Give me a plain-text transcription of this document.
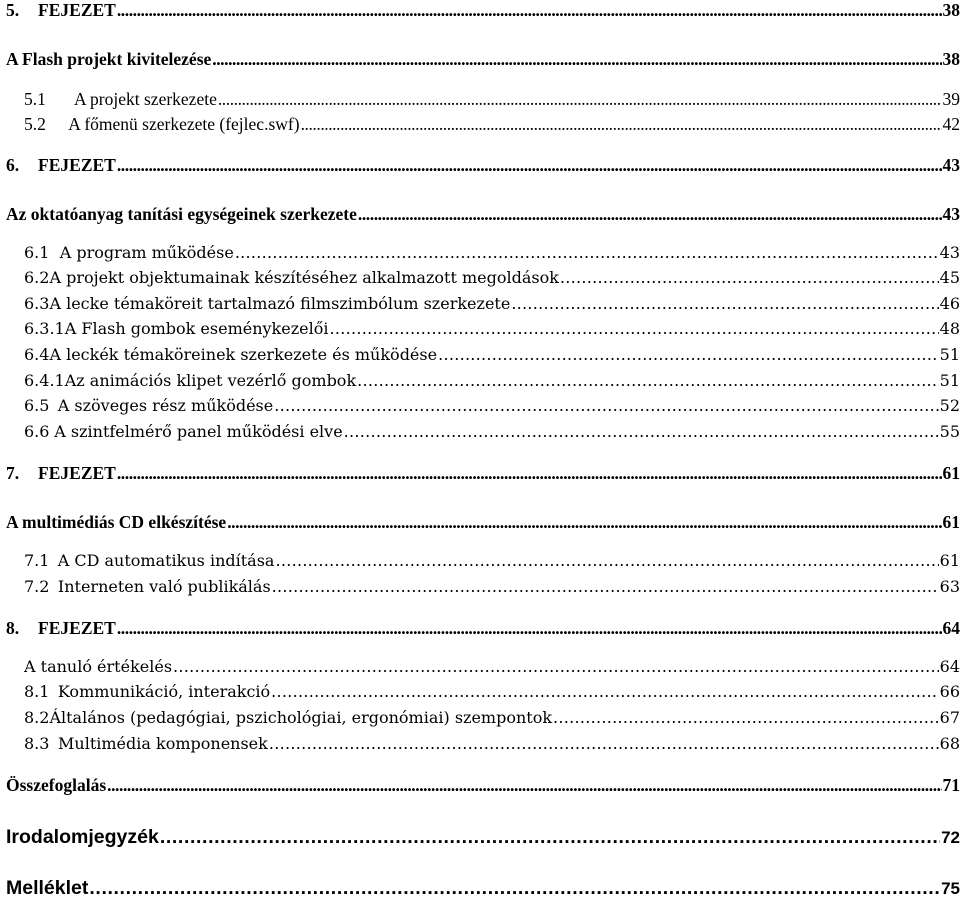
5.	FEJEZET . . .	38
A Flash projekt kivitelezése . . .	38
5.1	A projekt szerkezete . . .	39
5.2	A főmenü szerkezete (fejlec.swf) . . .	42
6.	FEJEZET . . .	43
Az oktatóanyag tanítási egységeinek szerkezete . . .	43
6.1 A program működése . . .	43
6.2 A projekt objektumainak készítéséhez alkalmazott megoldások . . .	45
6.3 A lecke témaköreit tartalmazó filmszimbólum szerkezete . . .	46
6.3.1 A Flash gombok eseménykezelői . . .	48
6.4 A leckék témaköreinek szerkezete és működése . . .	51
6.4.1 Az animációs klipet vezérlő gombok . . .	51
6.5 A szöveges rész működése . . .	52
6.6 A szintfelmérő panel működési elve . . .	55
7.	FEJEZET . . .	61
A multimédiás CD elkészítése . . .	61
7.1 A CD automatikus indítása . . .	61
7.2 Interneten való publikálás . . .	63
8.	FEJEZET . . .	64
A tanuló értékelés . . .	64
8.1 Kommunikáció, interakció . . .	66
8.2 Általános (pedagógiai, pszichológiai, ergonómiai) szempontok . . .	67
8.3 Multimédia komponensek . . .	68
Összefoglalás . . .	71
Irodalomjegyzék . . .	72
Melléklet . . .	75
